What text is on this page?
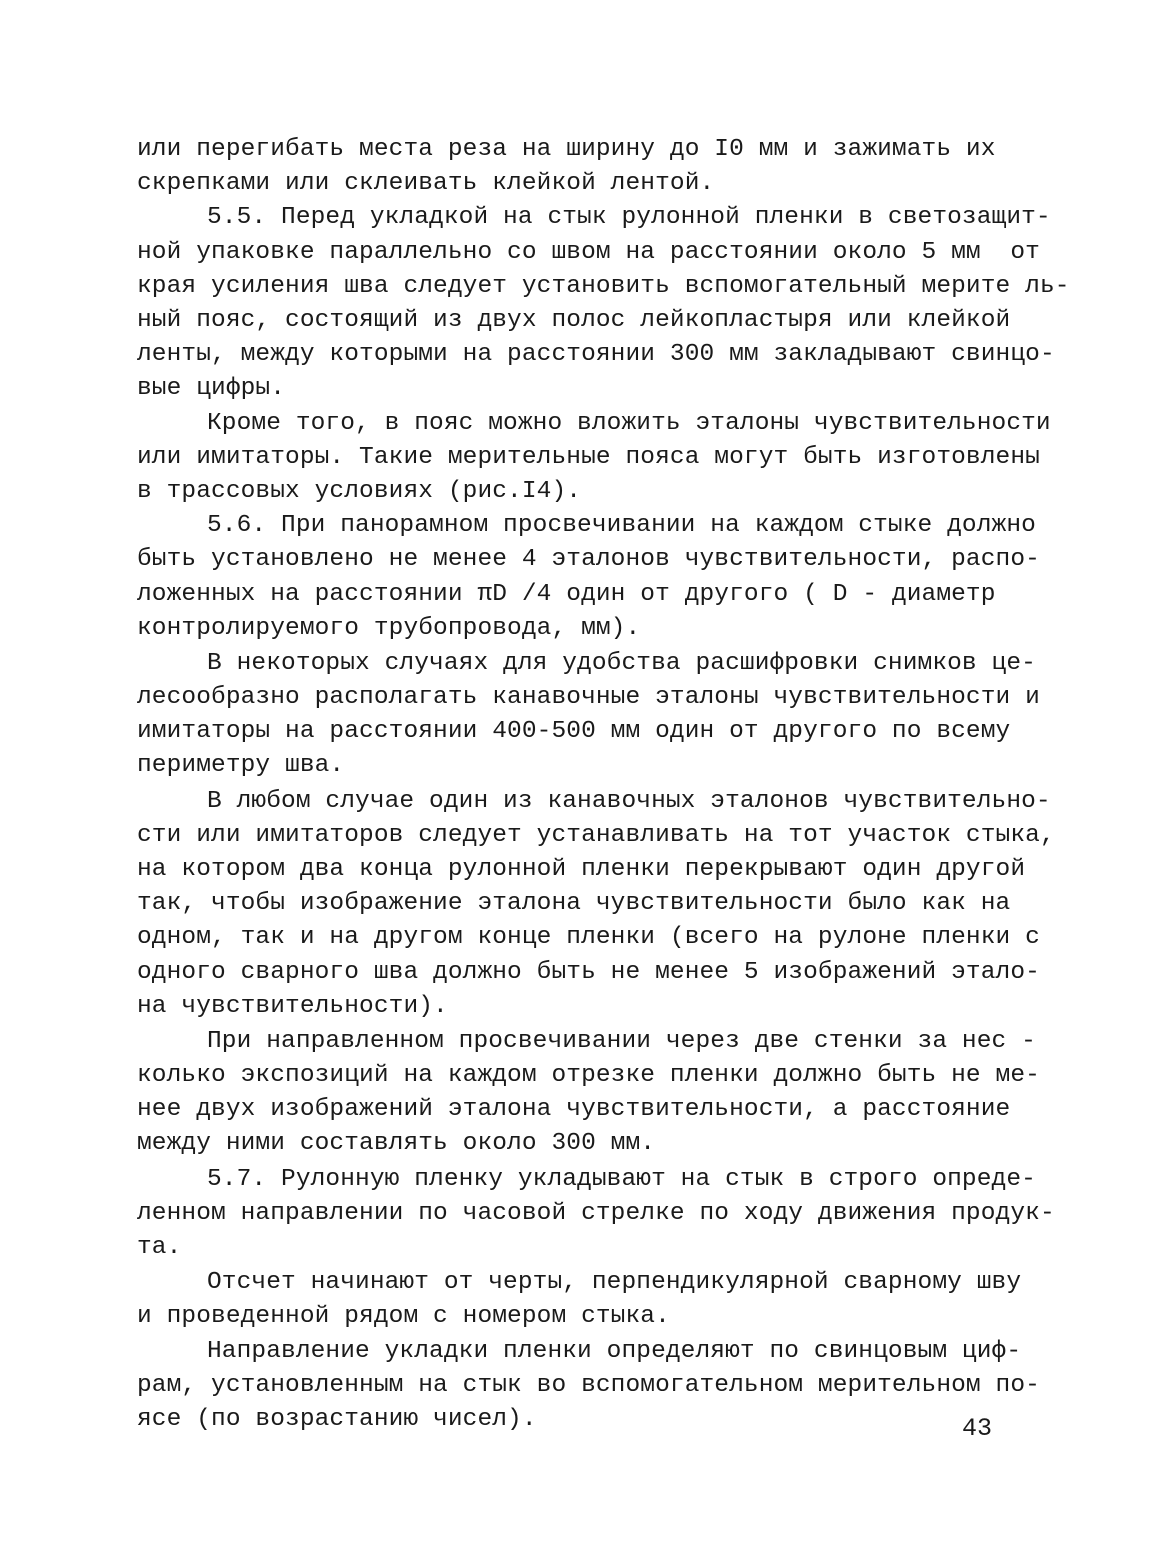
или перегибать места реза на ширину до I0 мм и зажимать их
скрепками или склеивать клейкой лентой.
5.5. Перед укладкой на стык рулонной пленки в светозащит-
ной упаковке параллельно со швом на расстоянии около 5 мм  от
края усиления шва следует установить вспомогательный мерите ль-
ный пояс, состоящий из двух полос лейкопластыря или клейкой
ленты, между которыми на расстоянии 300 мм закладывают свинцо-
вые цифры.
Кроме того, в пояс можно вложить эталоны чувствительности
или имитаторы. Такие мерительные пояса могут быть изготовлены
в трассовых условиях (рис.I4).
5.6. При панорамном просвечивании на каждом стыке должно
быть установлено не менее 4 эталонов чувствительности, распо-
ложенных на расстоянии πD /4 один от другого ( D - диаметр
контролируемого трубопровода, мм).
В некоторых случаях для удобства расшифровки снимков це-
лесообразно располагать канавочные эталоны чувствительности и
имитаторы на расстоянии 400-500 мм один от другого по всему
периметру шва.
В любом случае один из канавочных эталонов чувствительно-
сти или имитаторов следует устанавливать на тот участок стыка,
на котором два конца рулонной пленки перекрывают один другой
так, чтобы изображение эталона чувствительности было как на
одном, так и на другом конце пленки (всего на рулоне пленки с
одного сварного шва должно быть не менее 5 изображений этало-
на чувствительности).
При направленном просвечивании через две стенки за нес -
колько экспозиций на каждом отрезке пленки должно быть не ме-
нее двух изображений эталона чувствительности, а расстояние
между ними составлять около 300 мм.
5.7. Рулонную пленку укладывают на стык в строго опреде-
ленном направлении по часовой стрелке по ходу движения продук-
та.
Отсчет начинают от черты, перпендикулярной сварному шву
и проведенной рядом с номером стыка.
Направление укладки пленки определяют по свинцовым циф-
рам, установленным на стык во вспомогательном мерительном по-
ясе (по возрастанию чисел).	43
